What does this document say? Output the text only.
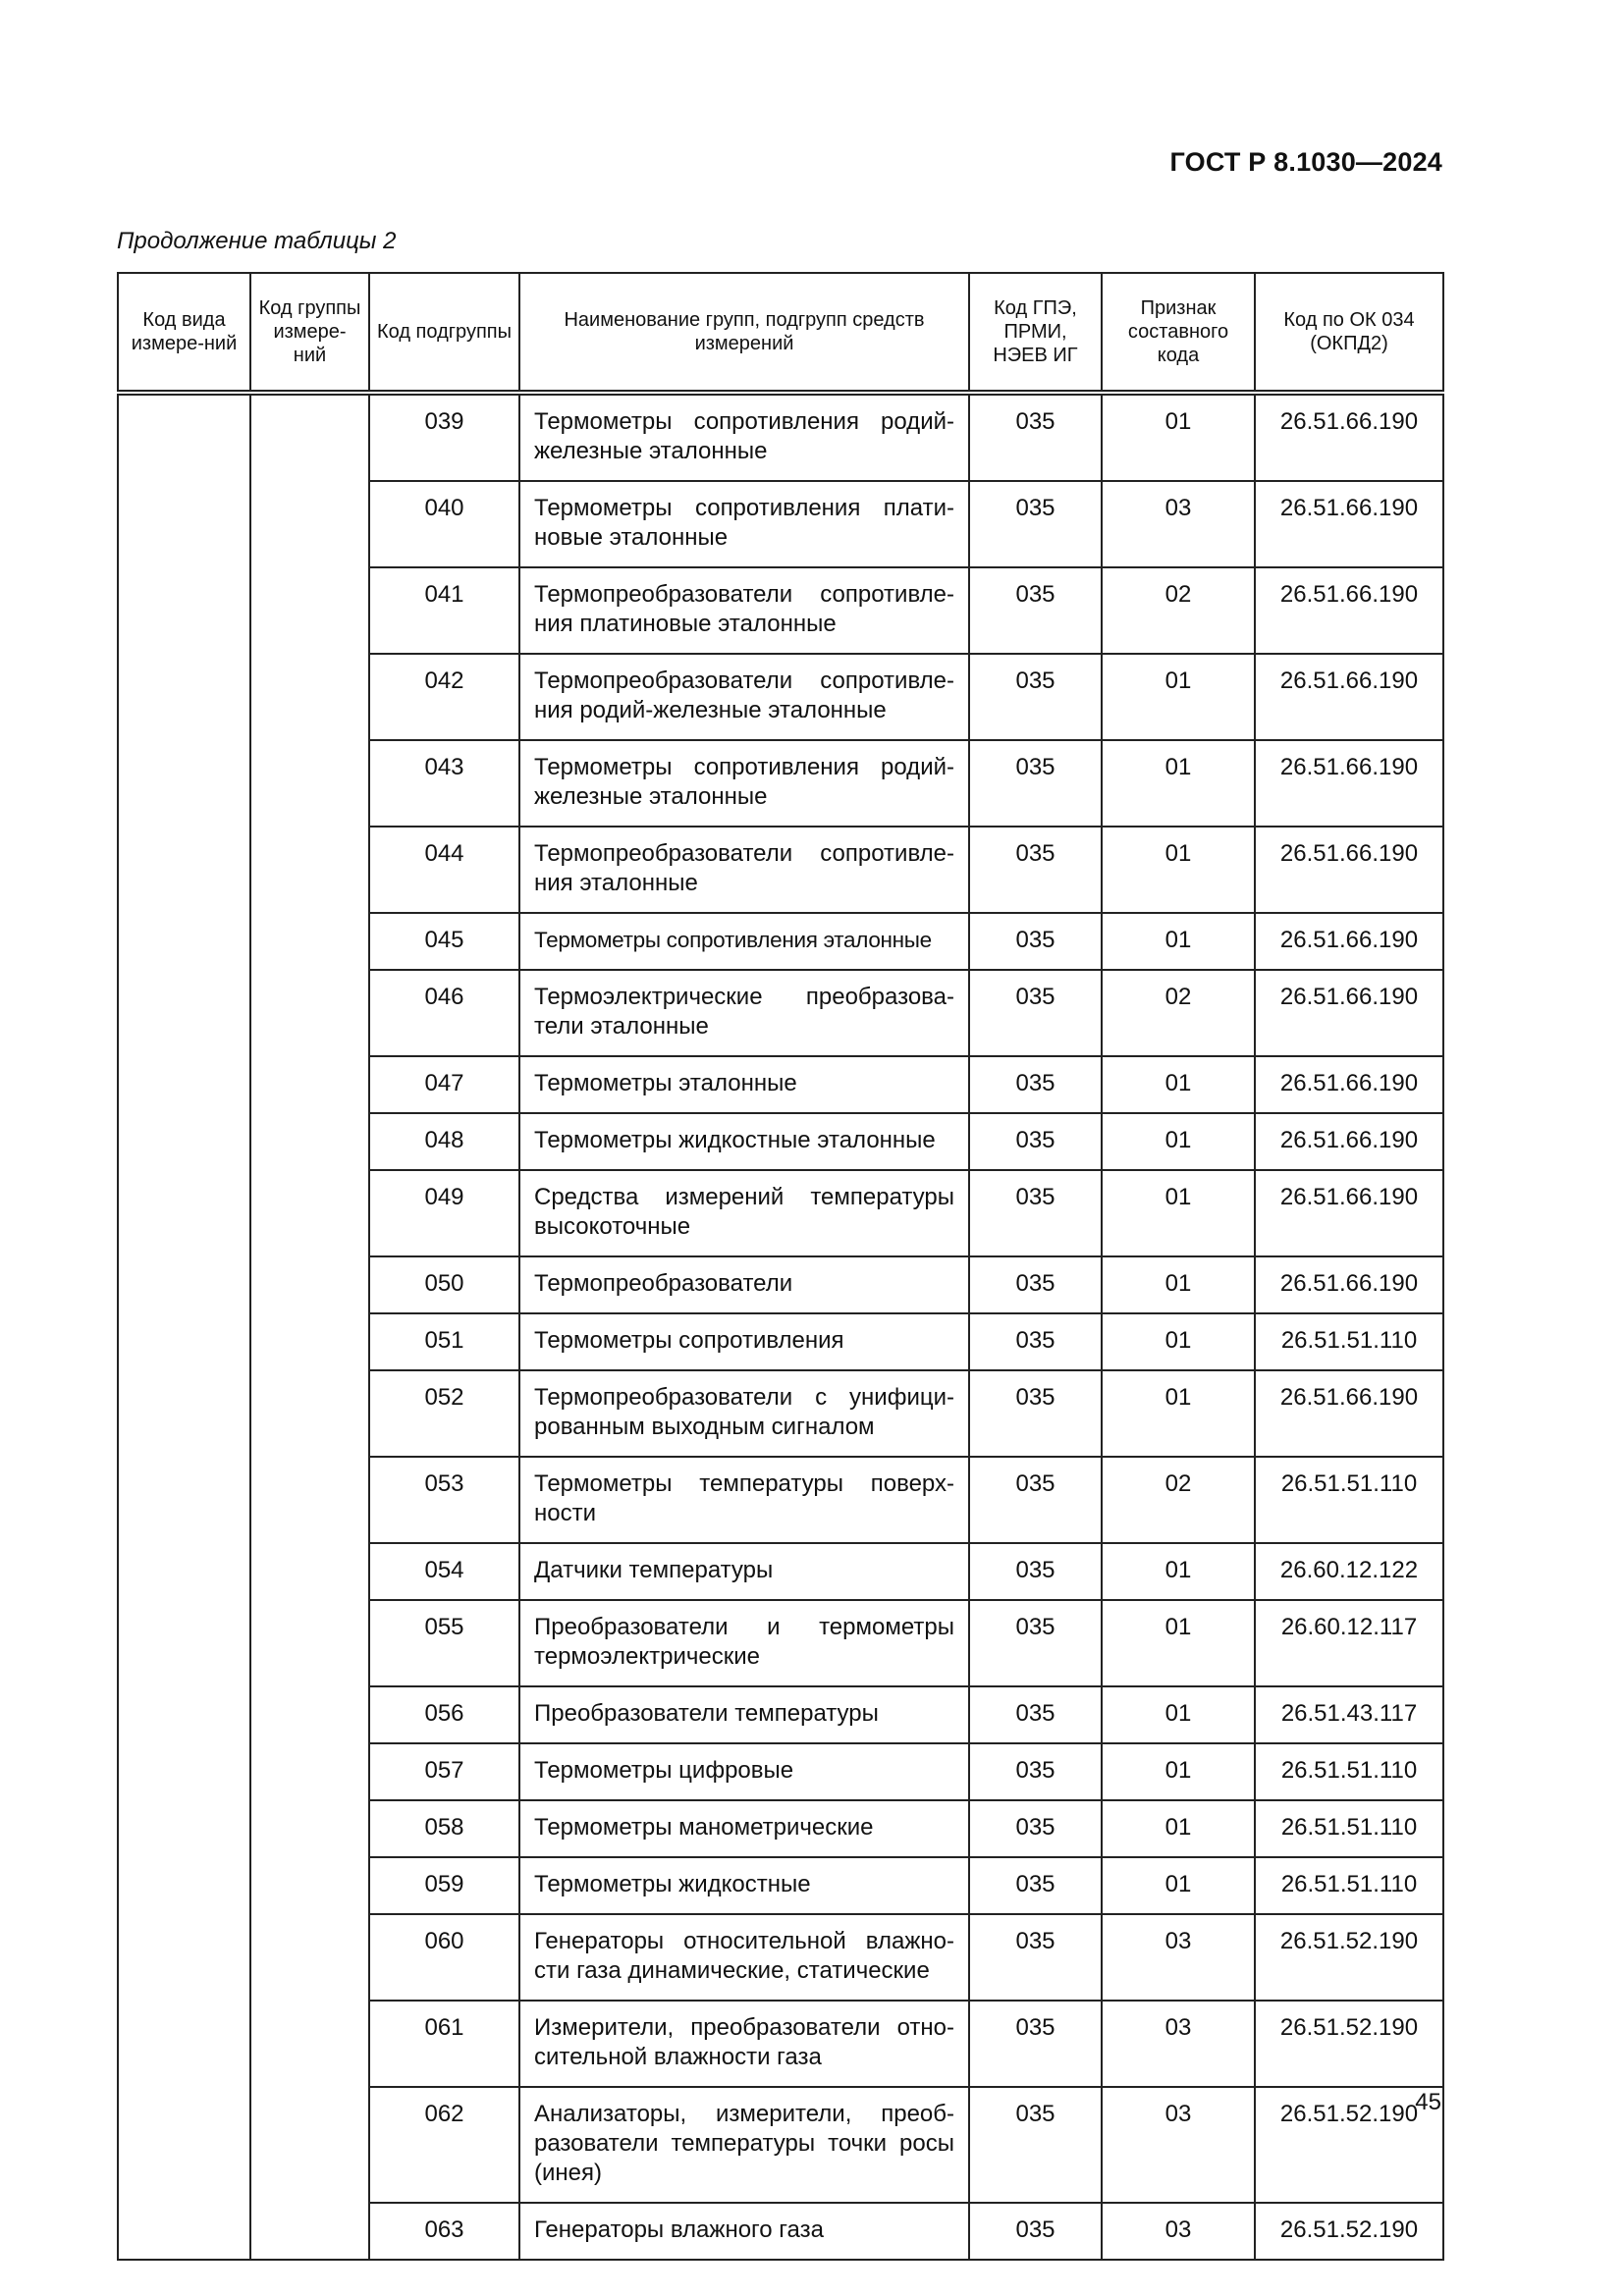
ГОСТ Р 8.1030—2024
Продолжение таблицы 2
Код вида измере-ний	Код группы измере-ний	Код подгруппы	Наименование групп, подгрупп средств измерений	Код ГПЭ, ПРМИ, НЭЕВ ИГ	Признак составного кода	Код по ОК 034 (ОКПД2)
		039	Термометры сопротивления родий-железные эталонные	035	01	26.51.66.190
		040	Термометры сопротивления плати-новые эталонные	035	03	26.51.66.190
		041	Термопреобразователи сопротивле-ния платиновые эталонные	035	02	26.51.66.190
		042	Термопреобразователи сопротивле-ния родий-железные эталонные	035	01	26.51.66.190
		043	Термометры сопротивления родий-железные эталонные	035	01	26.51.66.190
		044	Термопреобразователи сопротивле-ния эталонные	035	01	26.51.66.190
		045	Термометры сопротивления эталонные	035	01	26.51.66.190
		046	Термоэлектрические преобразова-тели эталонные	035	02	26.51.66.190
		047	Термометры эталонные	035	01	26.51.66.190
		048	Термометры жидкостные эталонные	035	01	26.51.66.190
		049	Средства измерений температуры высокоточные	035	01	26.51.66.190
		050	Термопреобразователи	035	01	26.51.66.190
		051	Термометры сопротивления	035	01	26.51.51.110
		052	Термопреобразователи с унифици-рованным выходным сигналом	035	01	26.51.66.190
		053	Термометры температуры поверх-ности	035	02	26.51.51.110
		054	Датчики температуры	035	01	26.60.12.122
		055	Преобразователи и термометры термоэлектрические	035	01	26.60.12.117
		056	Преобразователи температуры	035	01	26.51.43.117
		057	Термометры цифровые	035	01	26.51.51.110
		058	Термометры манометрические	035	01	26.51.51.110
		059	Термометры жидкостные	035	01	26.51.51.110
		060	Генераторы относительной влажно-сти газа динамические, статические	035	03	26.51.52.190
		061	Измерители, преобразователи отно-сительной влажности газа	035	03	26.51.52.190
		062	Анализаторы, измерители, преоб-разователи температуры точки росы (инея)	035	03	26.51.52.190
		063	Генераторы влажного газа	035	03	26.51.52.190
45
